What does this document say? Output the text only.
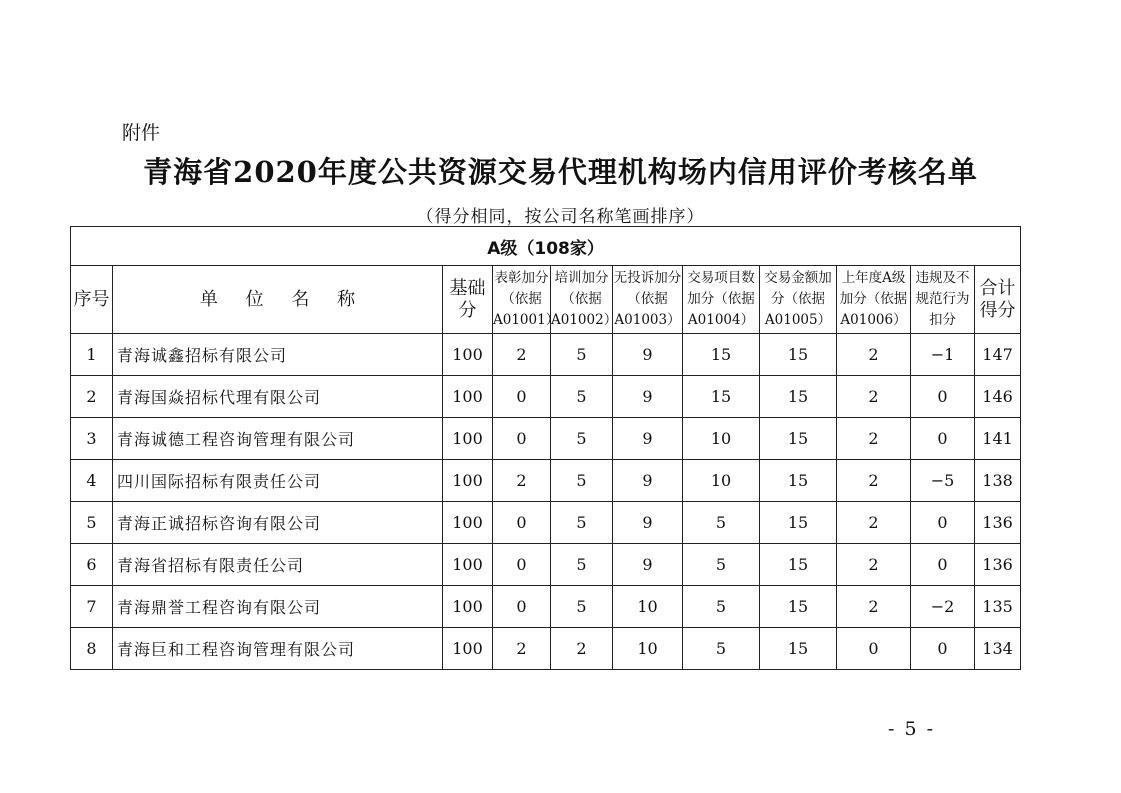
附件
青海省2020年度公共资源交易代理机构场内信用评价考核名单
（得分相同，按公司名称笔画排序）
A级（108家）										
序号	单 位 名 称	基础分	表彰加分（依据A01001）	培训加分（依据A01002）	无投诉加分（依据A01003）	交易项目数加分（依据A01004）	交易金额加分（依据A01005）	上年度A级加分（依据A01006）	违规及不规范行为扣分	合计得分
1	青海诚鑫招标有限公司	100	2	5	9	15	15	2	−1	147
2	青海国焱招标代理有限公司	100	0	5	9	15	15	2	0	146
3	青海诚德工程咨询管理有限公司	100	0	5	9	10	15	2	0	141
4	四川国际招标有限责任公司	100	2	5	9	10	15	2	−5	138
5	青海正诚招标咨询有限公司	100	0	5	9	5	15	2	0	136
6	青海省招标有限责任公司	100	0	5	9	5	15	2	0	136
7	青海鼎誉工程咨询有限公司	100	0	5	10	5	15	2	−2	135
8	青海巨和工程咨询管理有限公司	100	2	2	10	5	15	0	0	134
- 5 -
